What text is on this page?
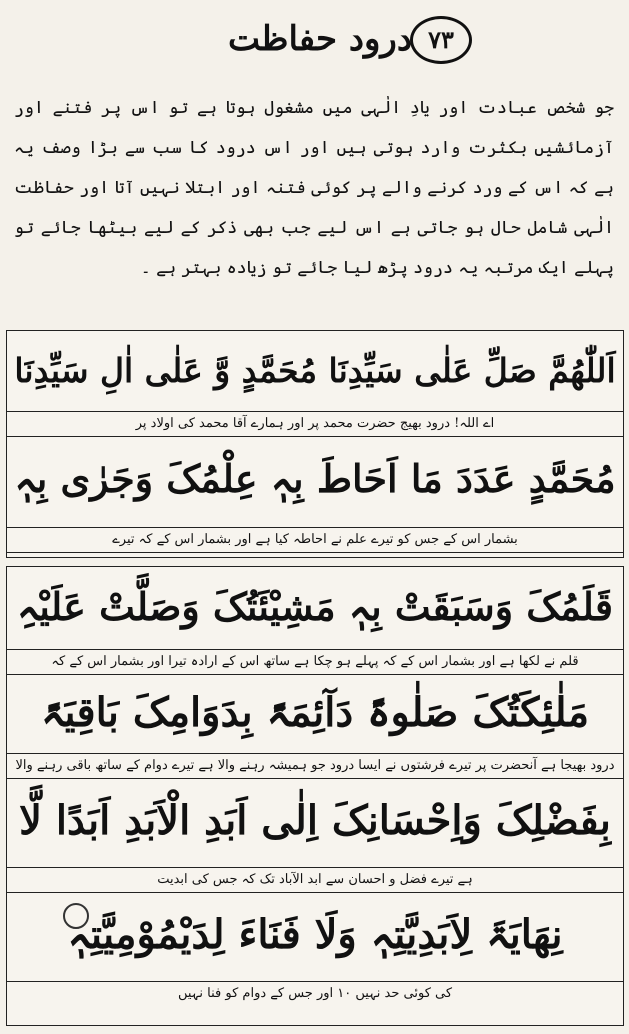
۷۳
درود حفاظت
جو شخص عبادت اور یادِ الٰہی میں مشغول ہوتا ہے تو اس پر فتنے اور آزمائشیں بکثرت وارد ہوتی ہیں اور اس درود کا سب سے بڑا وصف یہ ہے کہ اس کے ورد کرنے والے پر کوئی فتنہ اور ابتلا نہیں آتا اور حفاظت الٰہی شامل حال ہو جاتی ہے اس لیے جب بھی ذکر کے لیے بیٹھا جائے تو پہلے ایک مرتبہ یہ درود پڑھ لیا جائے تو زیادہ بہتر ہے ۔
اَللّٰھُمَّ صَلِّ عَلٰی سَیِّدِنَا مُحَمَّدٍ وَّ عَلٰی اٰلِ سَیِّدِنَا
اے اللہ! درود بھیج حضرت محمد پر اور ہمارے آقا محمد کی اولاد پر
مُحَمَّدٍ عَدَدَ مَا اَحَاطَ بِہٖ عِلْمُکَ وَجَرٰی بِہٖ
بشمار اس کے جس کو تیرے علم نے احاطہ کیا ہے اور بشمار اس کے کہ تیرے
قَلَمُکَ وَسَبَقَتْ بِہٖ مَشِیْئَتُکَ وَصَلَّتْ عَلَیْہِ
قلم نے لکھا ہے اور بشمار اس کے کہ پہلے ہو چکا ہے ساتھ اس کے ارادہ تیرا اور بشمار اس کے کہ
مَلٰئِکَتُکَ صَلٰوۃً دَآئِمَۃً بِدَوَامِکَ بَاقِیَۃً
درود بھیجا ہے آنحضرت پر تیرے فرشتوں نے ایسا درود جو ہمیشہ رہنے والا ہے تیرے دوام کے ساتھ باقی رہنے والا
بِفَضْلِکَ وَاِحْسَانِکَ اِلٰی اَبَدِ الْاَبَدِ اَبَدًا لَّا
ہے تیرے فضل و احسان سے ابد الآباد تک کہ جس کی ابدیت
نِھَایَۃَ لِاَبَدِیَّتِہٖ وَلَا فَنَاءَ لِدَیْمُوْمِیَّتِہٖ
کی کوئی حد نہیں ۱۰ اور جس کے دوام کو فنا نہیں
